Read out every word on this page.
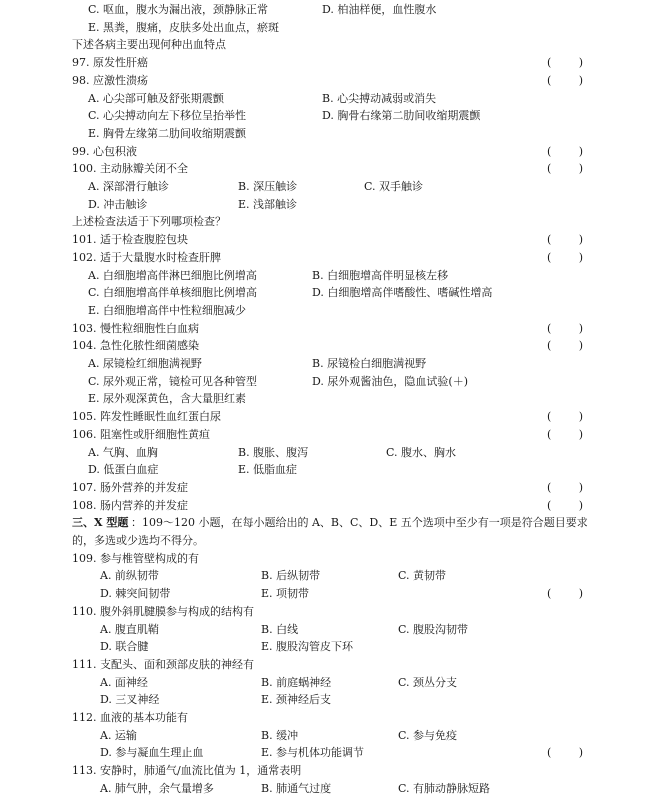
C. 呕血，腹水为漏出液，颈静脉正常	D. 柏油样便，血性腹水
E. 黑粪，腹痛，皮肤多处出血点，瘀斑
下述各病主要出现何种出血特点
97. 原发性肝癌	( )
98. 应激性溃疡	( )
A. 心尖部可触及舒张期震颤	B. 心尖搏动减弱或消失
C. 心尖搏动向左下移位呈抬举性	D. 胸骨右缘第二肋间收缩期震颤
E. 胸骨左缘第二肋间收缩期震颤
99. 心包积液	( )
100. 主动脉瓣关闭不全	( )
A. 深部滑行触诊	B. 深压触诊	C. 双手触诊
D. 冲击触诊	E. 浅部触诊
上述检查法适于下列哪项检查？
101. 适于检查腹腔包块	( )
102. 适于大量腹水时检查肝脾	( )
A. 白细胞增高伴淋巴细胞比例增高	B. 白细胞增高伴明显核左移
C. 白细胞增高伴单核细胞比例增高	D. 白细胞增高伴嗜酸性、嗜碱性增高
E. 白细胞增高伴中性粒细胞减少
103. 慢性粒细胞性白血病	( )
104. 急性化脓性细菌感染	( )
A. 尿镜检红细胞满视野	B. 尿镜检白细胞满视野
C. 尿外观正常，镜检可见各种管型	D. 尿外观酱油色，隐血试验(＋)
E. 尿外观深黄色，含大量胆红素
105. 阵发性睡眠性血红蛋白尿	( )
106. 阻塞性或肝细胞性黄疸	( )
A. 气胸、血胸	B. 腹胀、腹泻	C. 腹水、胸水
D. 低蛋白血症	E. 低脂血症
107. 肠外营养的并发症	( )
108. 肠内营养的并发症	( )
三、X 型题 ：109～120 小题，在每小题给出的 A、B、C、D、E 五个选项中至少有一项是符合题目要求
的，多选或少选均不得分。
109. 参与椎管壁构成的有
A. 前纵韧带	B. 后纵韧带	C. 黄韧带
D. 棘突间韧带	E. 项韧带	( )
110. 腹外斜肌腱膜参与构成的结构有
A. 腹直肌鞘	B. 白线	C. 腹股沟韧带
D. 联合腱	E. 腹股沟管皮下环
111. 支配头、面和颈部皮肤的神经有
A. 面神经	B. 前庭蜗神经	C. 颈丛分支
D. 三叉神经	E. 颈神经后支
112. 血液的基本功能有
A. 运输	B. 缓冲	C. 参与免疫
D. 参与凝血生理止血	E. 参与机体功能调节	( )
113. 安静时，肺通气/血流比值为 1，通常表明
A. 肺气肿，余气量增多	B. 肺通气过度	C. 有肺动静脉短路
